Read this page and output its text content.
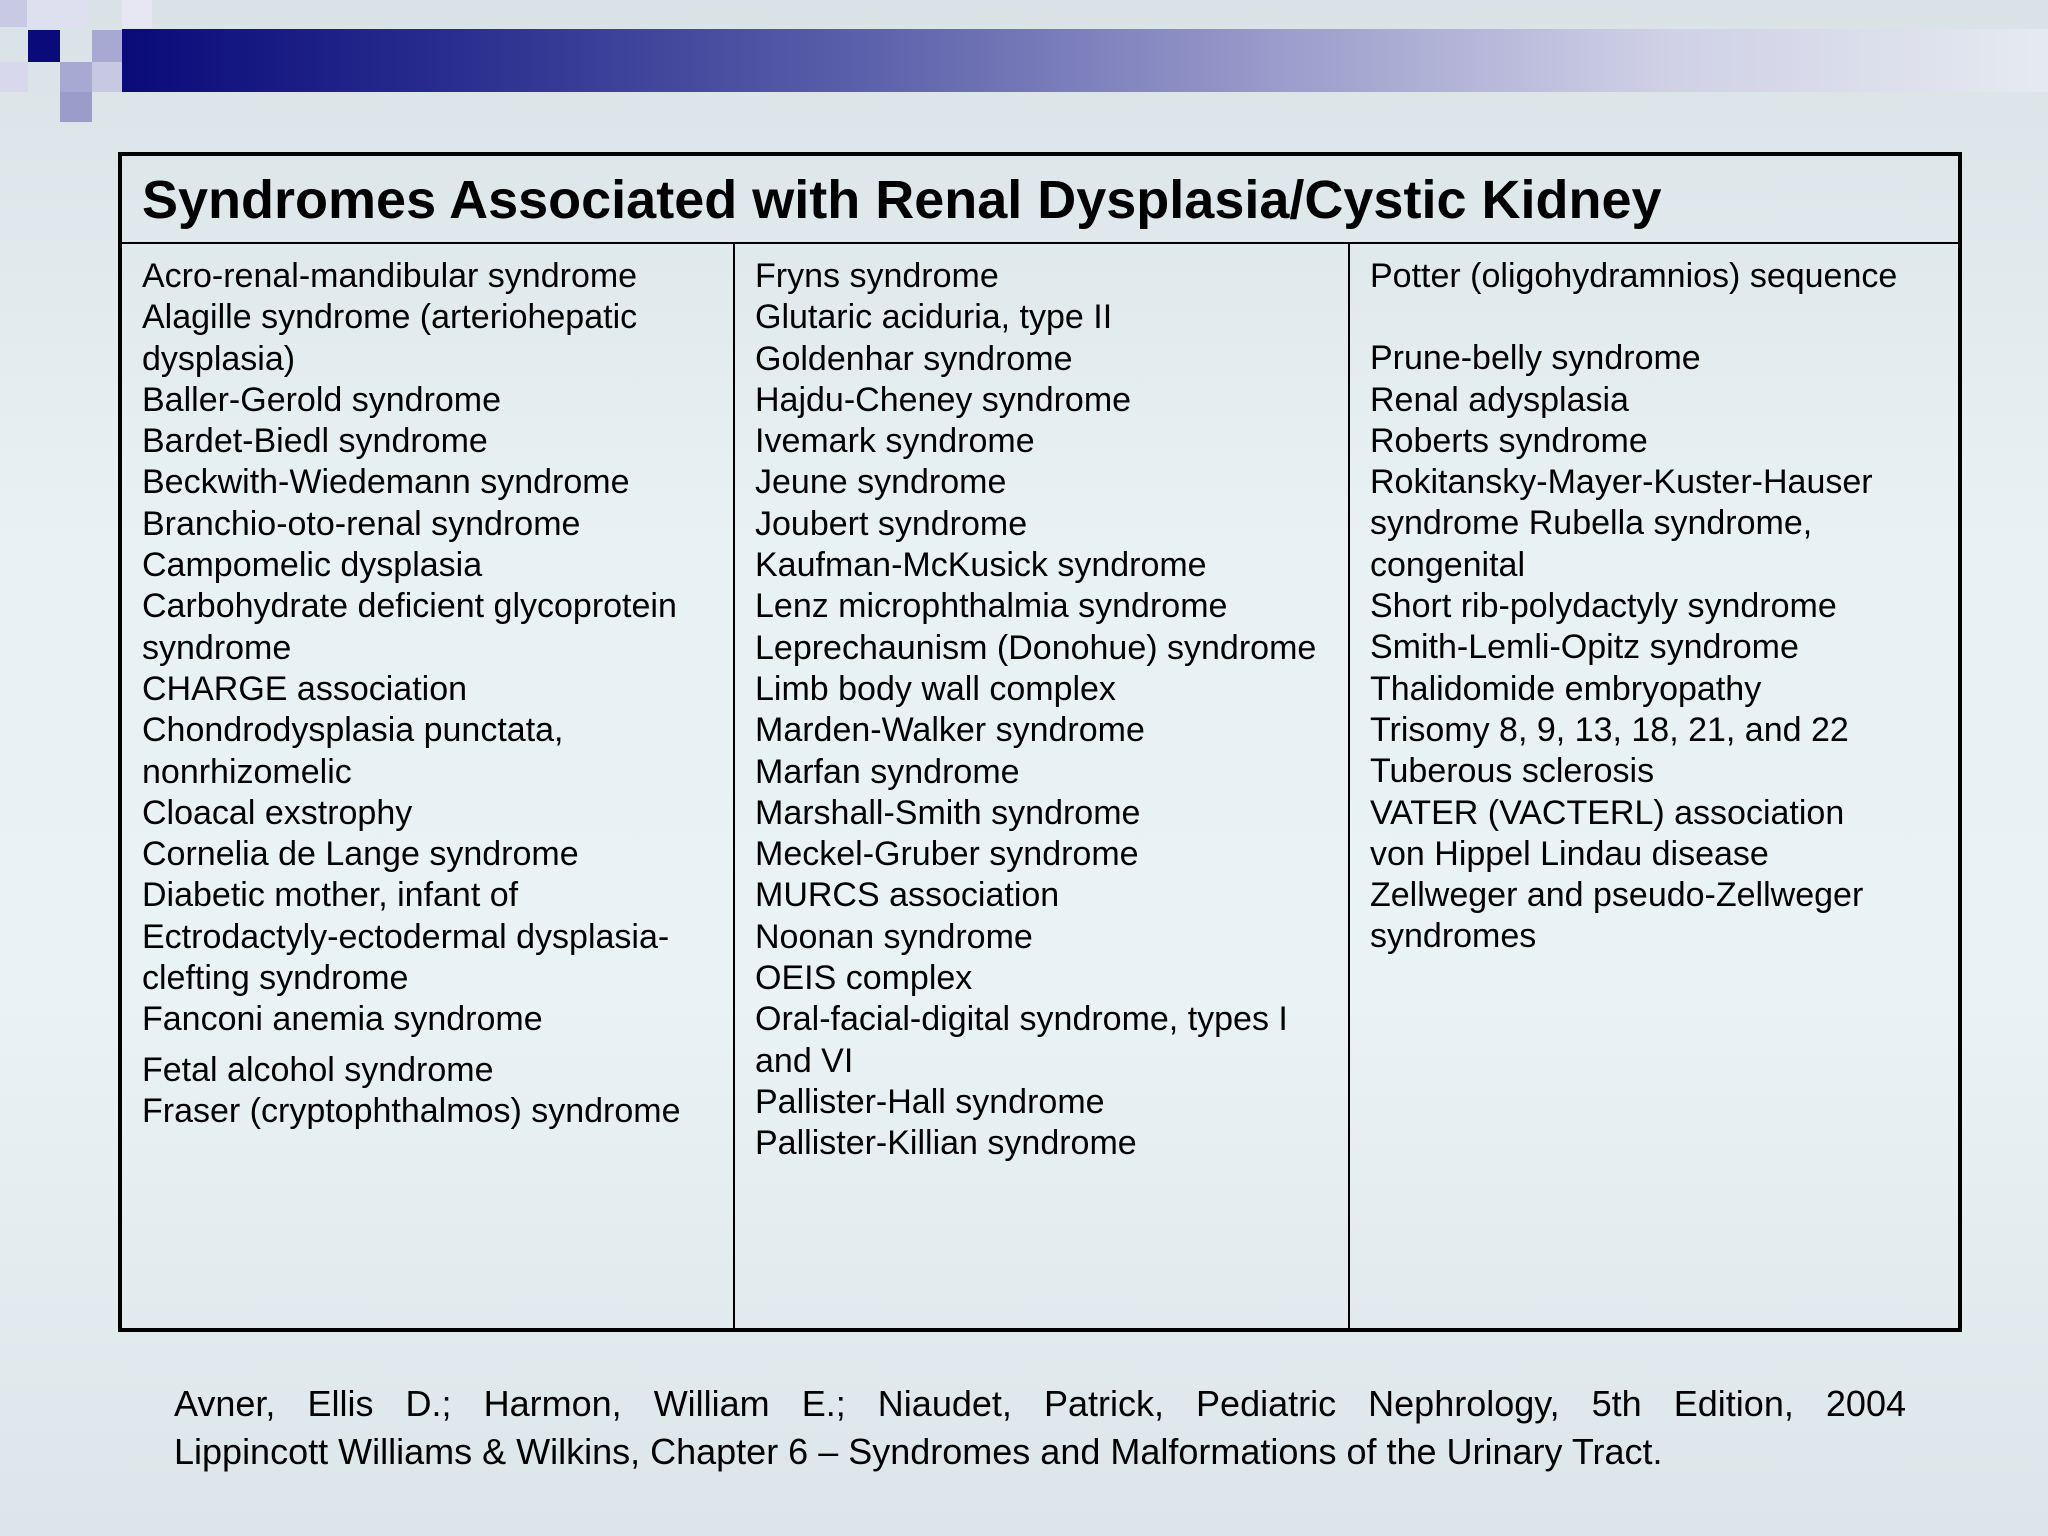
Syndromes Associated with Renal Dysplasia/Cystic Kidney
Acro-renal-mandibular syndrome
Alagille syndrome (arteriohepatic dysplasia)
Baller-Gerold syndrome
Bardet-Biedl syndrome
Beckwith-Wiedemann syndrome
Branchio-oto-renal syndrome
Campomelic dysplasia
Carbohydrate deficient glycoprotein syndrome
CHARGE association
Chondrodysplasia punctata, nonrhizomelic
Cloacal exstrophy
Cornelia de Lange syndrome
Diabetic mother, infant of
Ectrodactyly-ectodermal dysplasia-clefting syndrome
Fanconi anemia syndrome
Fetal alcohol syndrome
Fraser (cryptophthalmos) syndrome
Fryns syndrome
Glutaric aciduria, type II
Goldenhar syndrome
Hajdu-Cheney syndrome
Ivemark syndrome
Jeune syndrome
Joubert syndrome
Kaufman-McKusick syndrome
Lenz microphthalmia syndrome
Leprechaunism (Donohue) syndrome
Limb body wall complex
Marden-Walker syndrome
Marfan syndrome
Marshall-Smith syndrome
Meckel-Gruber syndrome
MURCS association
Noonan syndrome
OEIS complex
Oral-facial-digital syndrome, types I and VI
Pallister-Hall syndrome
Pallister-Killian syndrome
Potter (oligohydramnios) sequence
Prune-belly syndrome
Renal adysplasia
Roberts syndrome
Rokitansky-Mayer-Kuster-Hauser syndrome Rubella syndrome, congenital
Short rib-polydactyly syndrome
Smith-Lemli-Opitz syndrome
Thalidomide embryopathy
Trisomy 8, 9, 13, 18, 21, and 22
Tuberous sclerosis
VATER (VACTERL) association
von Hippel Lindau disease
Zellweger and pseudo-Zellweger syndromes
Avner, Ellis D.; Harmon, William E.; Niaudet, Patrick, Pediatric Nephrology, 5th Edition, 2004
Lippincott Williams & Wilkins, Chapter 6 – Syndromes and Malformations of the Urinary Tract.
